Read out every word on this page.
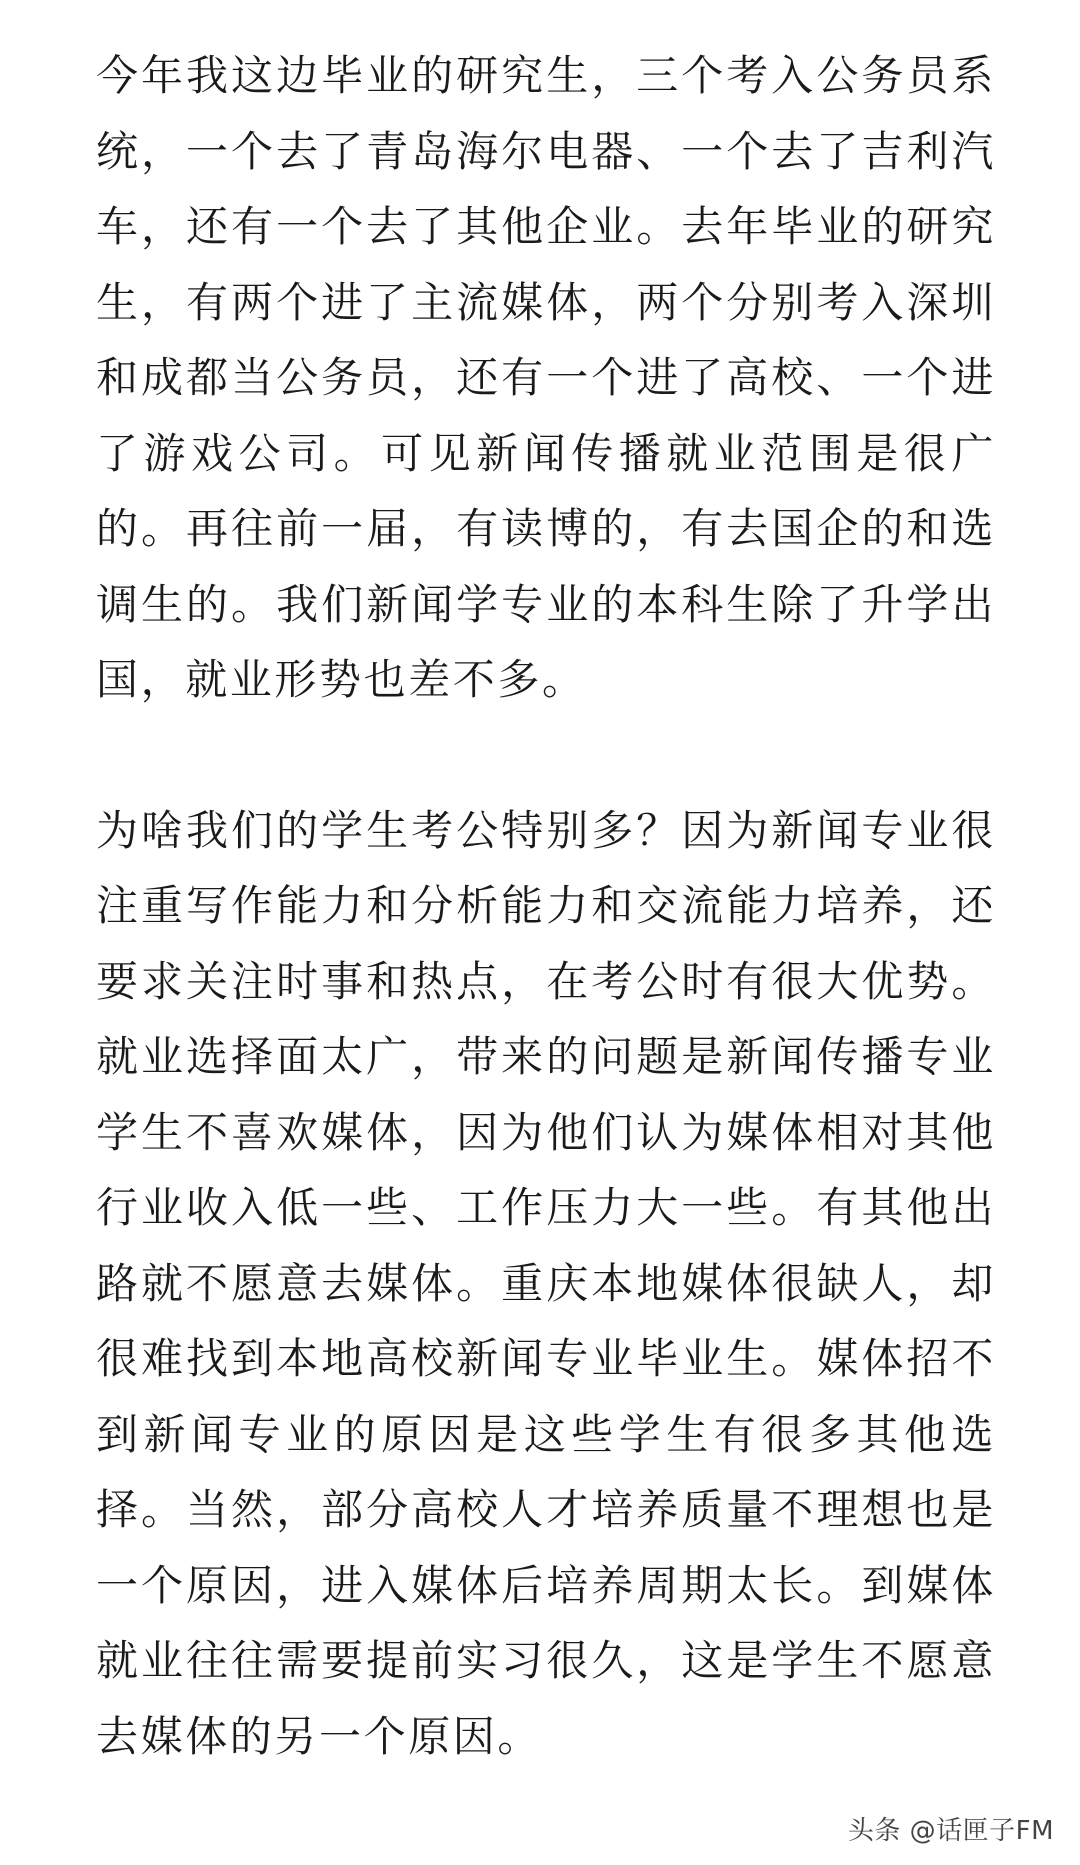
今年我这边毕业的研究生，三个考入公务员系统，一个去了青岛海尔电器、一个去了吉利汽车，还有一个去了其他企业。去年毕业的研究生，有两个进了主流媒体，两个分别考入深圳和成都当公务员，还有一个进了高校、一个进了游戏公司。可见新闻传播就业范围是很广的。再往前一届，有读博的，有去国企的和选调生的。我们新闻学专业的本科生除了升学出国，就业形势也差不多。

为啥我们的学生考公特别多？因为新闻专业很注重写作能力和分析能力和交流能力培养，还要求关注时事和热点，在考公时有很大优势。就业选择面太广，带来的问题是新闻传播专业学生不喜欢媒体，因为他们认为媒体相对其他行业收入低一些、工作压力大一些。有其他出路就不愿意去媒体。重庆本地媒体很缺人，却很难找到本地高校新闻专业毕业生。媒体招不到新闻专业的原因是这些学生有很多其他选择。当然，部分高校人才培养质量不理想也是一个原因，进入媒体后培养周期太长。到媒体就业往往需要提前实习很久，这是学生不愿意去媒体的另一个原因。

头条 @话匣子FM
